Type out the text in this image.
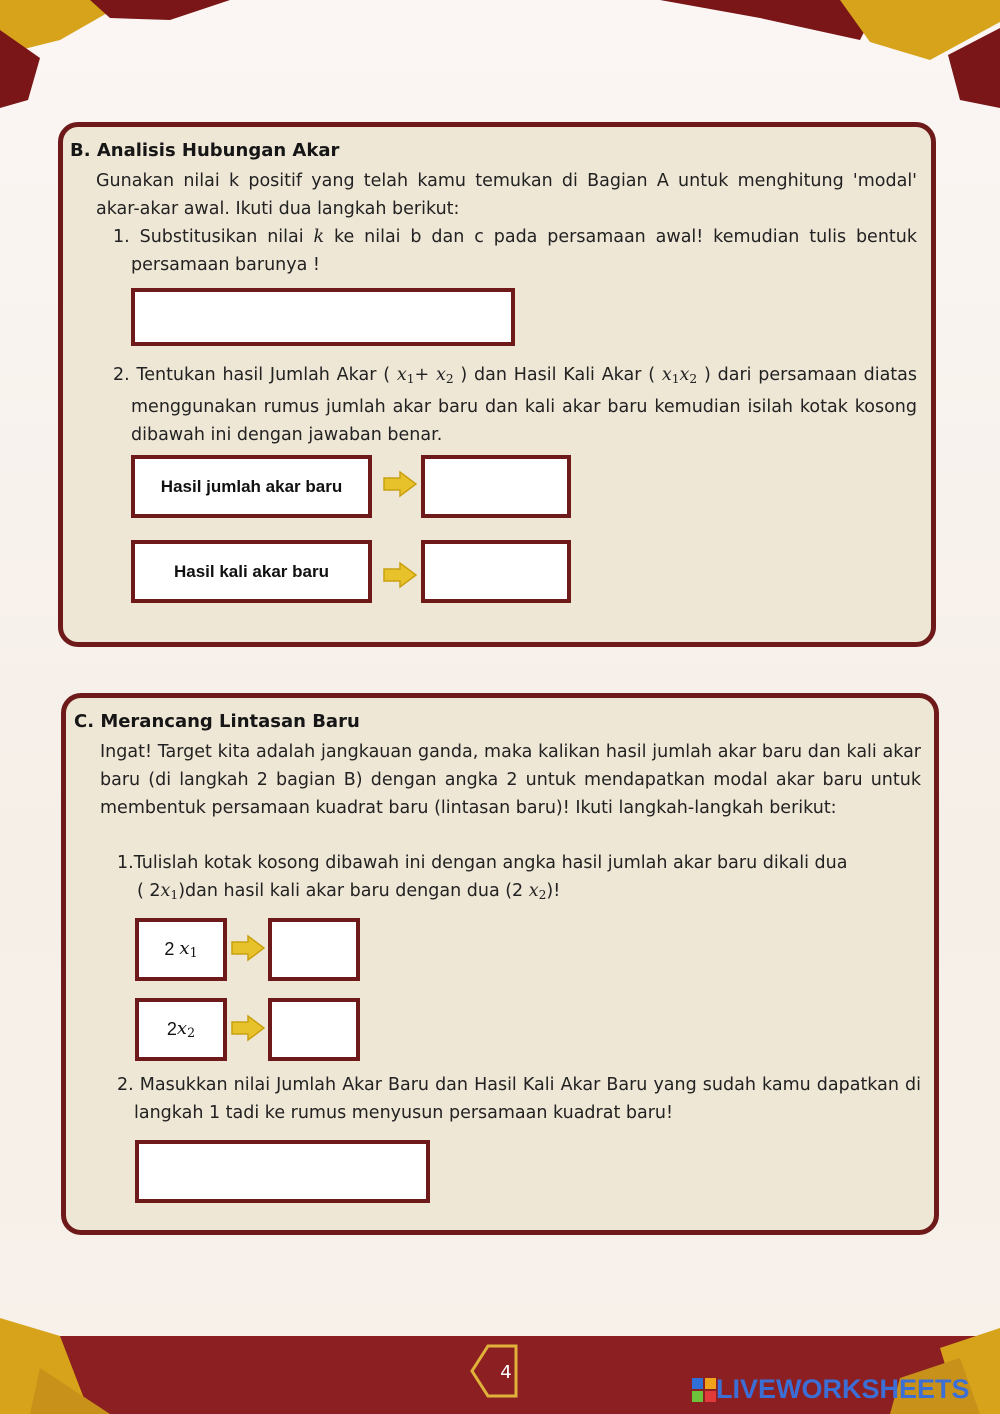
B. Analisis Hubungan Akar
Gunakan nilai k positif yang telah kamu temukan di Bagian A untuk menghitung 'modal' akar-akar awal. Ikuti dua langkah berikut:
1. Substitusikan nilai k ke nilai b dan c pada persamaan awal! kemudian tulis bentuk persamaan barunya !
2. Tentukan hasil Jumlah Akar ( $x_1+ x_2$ ) dan Hasil Kali Akar ( $x_1x_2$ ) dari persamaan diatas menggunakan rumus jumlah akar baru dan kali akar baru kemudian isilah kotak kosong dibawah ini dengan jawaban benar.
Hasil jumlah akar baru
Hasil kali akar baru
C. Merancang Lintasan Baru
Ingat! Target kita adalah jangkauan ganda, maka kalikan hasil jumlah akar baru dan kali akar baru (di langkah 2 bagian B) dengan angka 2 untuk mendapatkan modal akar baru untuk membentuk persamaan kuadrat baru (lintasan baru)! Ikuti langkah-langkah berikut:
1.Tulislah kotak kosong dibawah ini dengan angka hasil jumlah akar baru dikali dua
( $2x_1)dan$ hasil kali akar baru dengan dua (2 $x_2$)!
2
$x_1$
2 $x_2$
2. Masukkan nilai Jumlah Akar Baru dan Hasil Kali Akar Baru yang sudah kamu dapatkan di langkah 1 tadi ke rumus menyusun persamaan kuadrat baru!
4
LIVEWORKSHEETS
